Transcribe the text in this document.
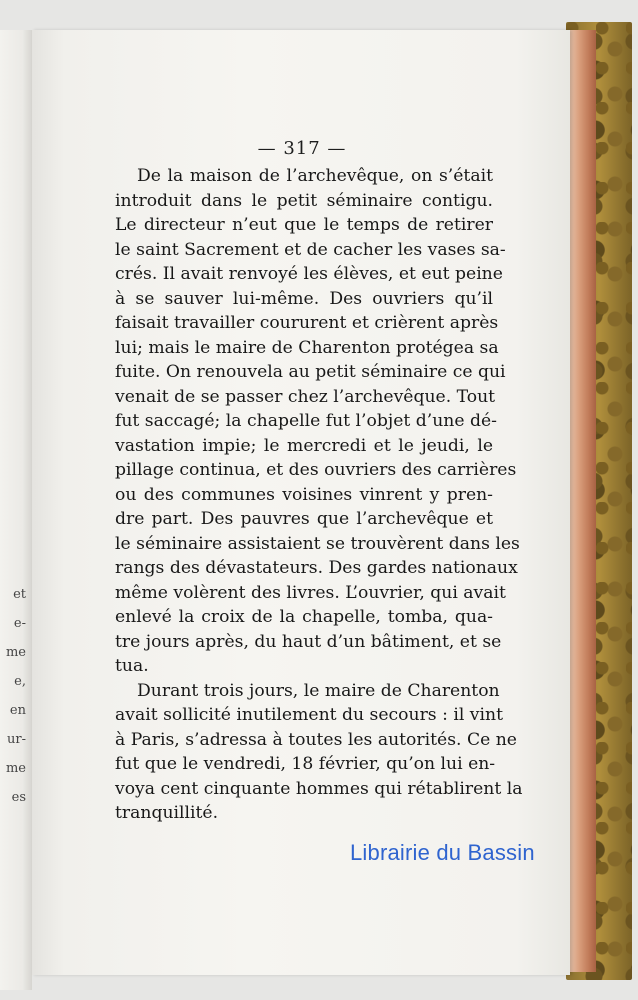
et
e-
me
e,
en
ur-
me
es
— 317 —
De la maison de l’archevêque, on s’était
introduit dans le petit séminaire contigu.
Le directeur n’eut que le temps de retirer
le saint Sacrement et de cacher les vases sa-
crés. Il avait renvoyé les élèves, et eut peine
à se sauver lui-même. Des ouvriers qu’il
faisait travailler coururent et crièrent après
lui; mais le maire de Charenton protégea sa
fuite. On renouvela au petit séminaire ce qui
venait de se passer chez l’archevêque. Tout
fut saccagé; la chapelle fut l’objet d’une dé-
vastation impie; le mercredi et le jeudi, le
pillage continua, et des ouvriers des carrières
ou des communes voisines vinrent y pren-
dre part. Des pauvres que l’archevêque et
le séminaire assistaient se trouvèrent dans les
rangs des dévastateurs. Des gardes nationaux
même volèrent des livres. L’ouvrier, qui avait
enlevé la croix de la chapelle, tomba, qua-
tre jours après, du haut d’un bâtiment, et se
tua.
Durant trois jours, le maire de Charenton
avait sollicité inutilement du secours : il vint
à Paris, s’adressa à toutes les autorités. Ce ne
fut que le vendredi, 18 février, qu’on lui en-
voya cent cinquante hommes qui rétablirent la
tranquillité.
Librairie du Bassin
